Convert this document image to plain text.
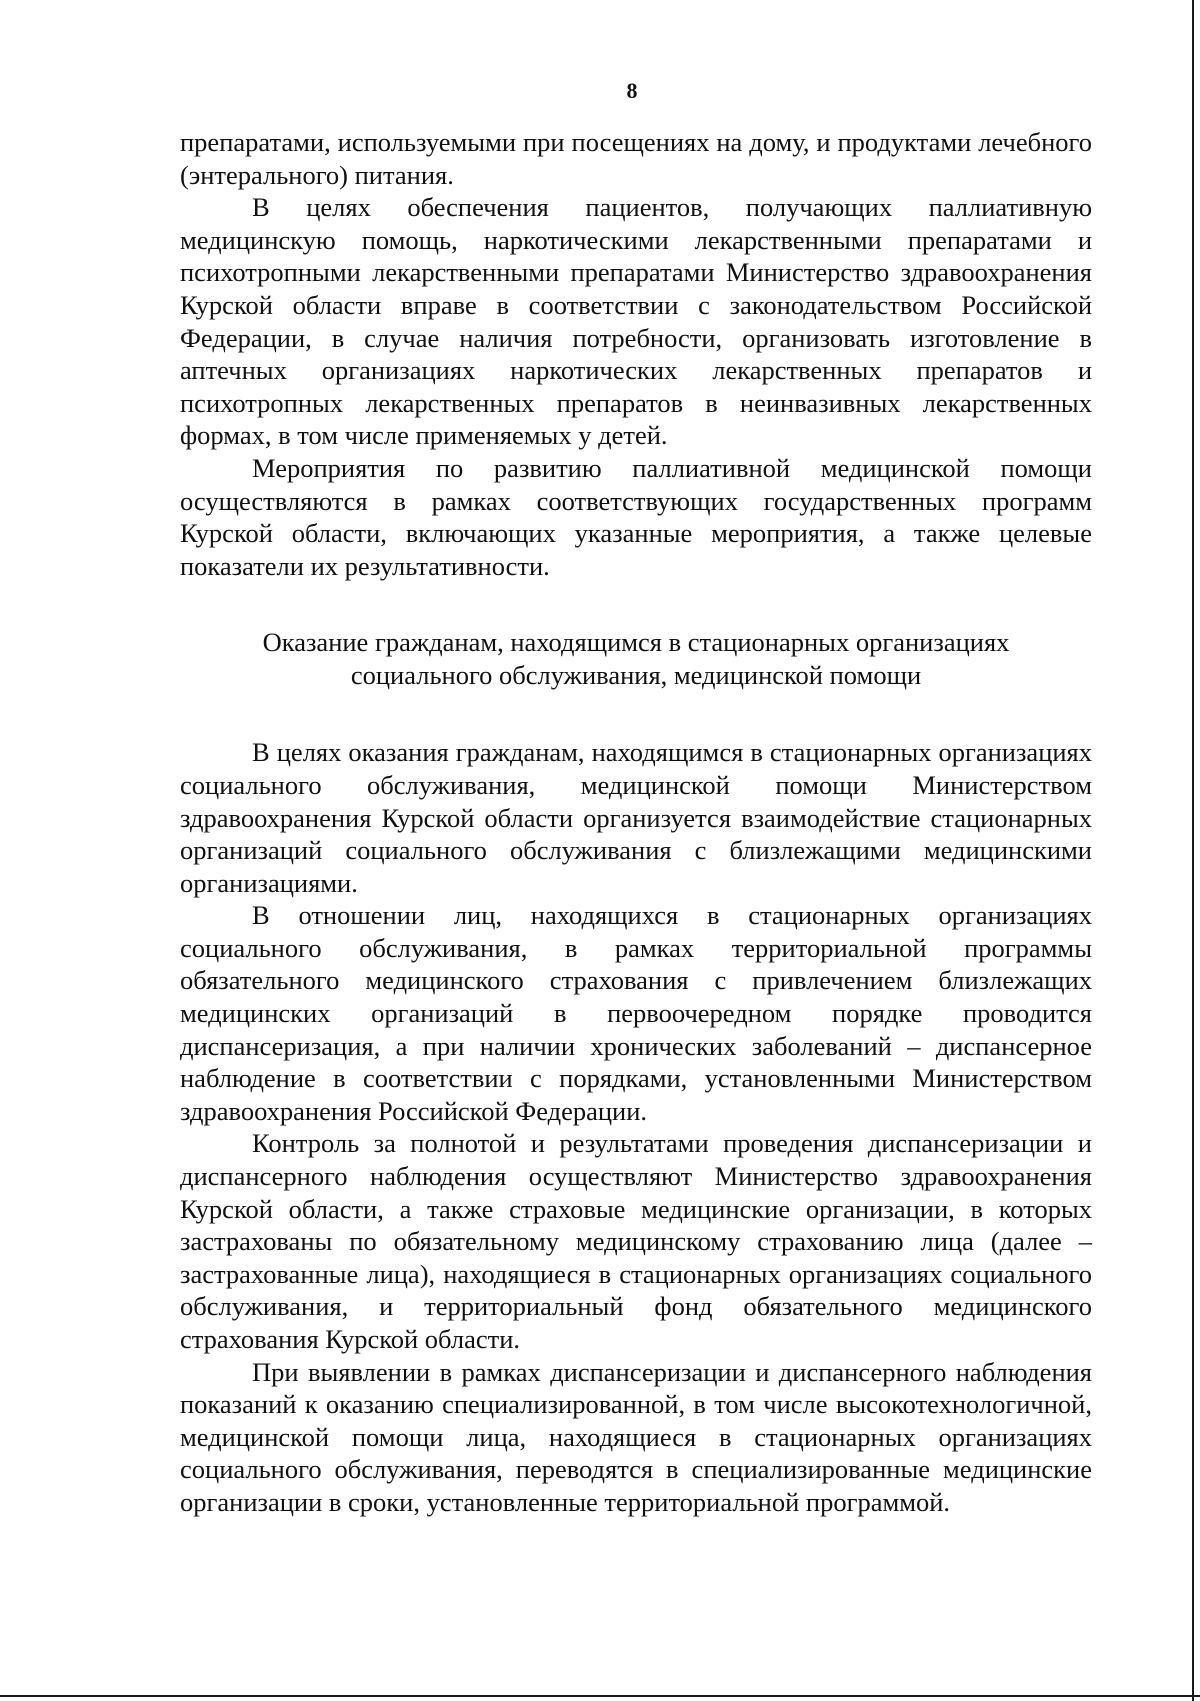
8

препаратами, используемыми при посещениях на дому, и продуктами лечебного (энтерального) питания.

В целях обеспечения пациентов, получающих паллиативную медицинскую помощь, наркотическими лекарственными препаратами и психотропными лекарственными препаратами Министерство здравоохранения Курской области вправе в соответствии с законодательством Российской Федерации, в случае наличия потребности, организовать изготовление в аптечных организациях наркотических лекарственных препаратов и психотропных лекарственных препаратов в неинвазивных лекарственных формах, в том числе применяемых у детей.

Мероприятия по развитию паллиативной медицинской помощи осуществляются в рамках соответствующих государственных программ Курской области, включающих указанные мероприятия, а также целевые показатели их результативности.

Оказание гражданам, находящимся в стационарных организациях
социального обслуживания, медицинской помощи

В целях оказания гражданам, находящимся в стационарных организациях социального обслуживания, медицинской помощи Министерством здравоохранения Курской области организуется взаимодействие стационарных организаций социального обслуживания с близлежащими медицинскими организациями.

В отношении лиц, находящихся в стационарных организациях социального обслуживания, в рамках территориальной программы обязательного медицинского страхования с привлечением близлежащих медицинских организаций в первоочередном порядке проводится диспансеризация, а при наличии хронических заболеваний – диспансерное наблюдение в соответствии с порядками, установленными Министерством здравоохранения Российской Федерации.

Контроль за полнотой и результатами проведения диспансеризации и диспансерного наблюдения осуществляют Министерство здравоохранения Курской области, а также страховые медицинские организации, в которых застрахованы по обязательному медицинскому страхованию лица (далее – застрахованные лица), находящиеся в стационарных организациях социального обслуживания, и территориальный фонд обязательного медицинского страхования Курской области.

При выявлении в рамках диспансеризации и диспансерного наблюдения показаний к оказанию специализированной, в том числе высокотехнологичной, медицинской помощи лица, находящиеся в стационарных организациях социального обслуживания, переводятся в специализированные медицинские организации в сроки, установленные территориальной программой.
